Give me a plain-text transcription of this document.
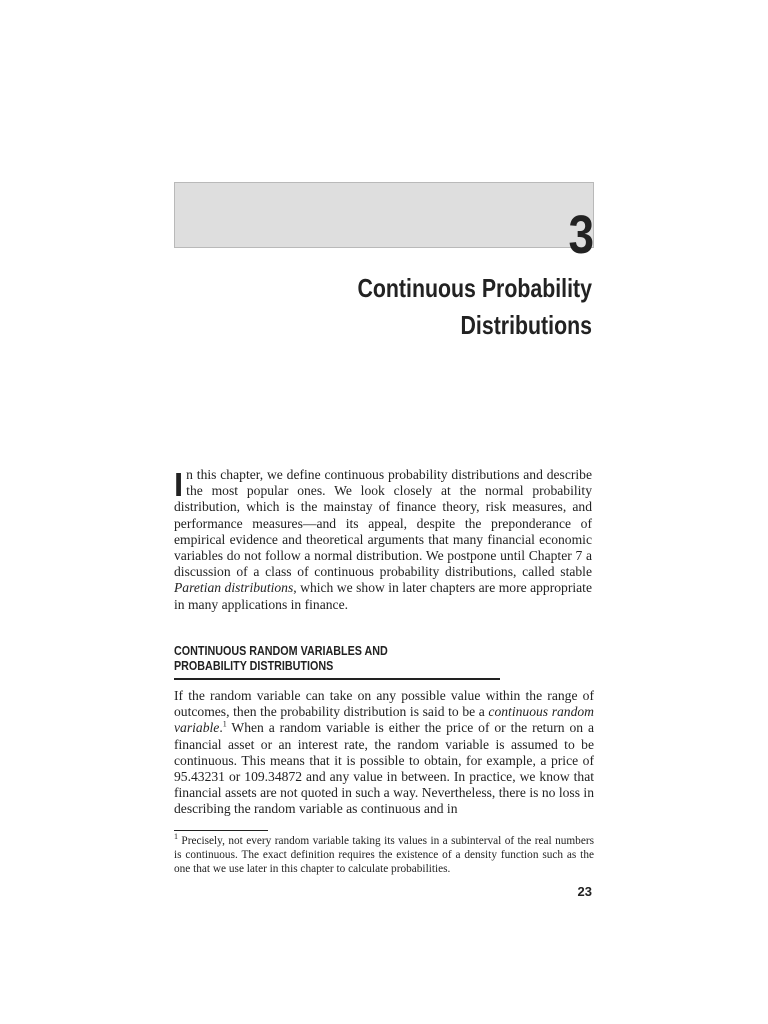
CHAPTER
3
Continuous Probability
Distributions

In this chapter, we define continuous probability distributions and describe the most popular ones. We look closely at the normal probability distribution, which is the mainstay of finance theory, risk measures, and performance measures—and its appeal, despite the preponderance of empirical evidence and theoretical arguments that many financial economic variables do not follow a normal distribution. We postpone until Chapter 7 a discussion of a class of continuous probability distributions, called stable Paretian distributions, which we show in later chapters are more appropriate in many applications in finance.

CONTINUOUS RANDOM VARIABLES AND
PROBABILITY DISTRIBUTIONS

If the random variable can take on any possible value within the range of outcomes, then the probability distribution is said to be a continuous random variable.$^1$ When a random variable is either the price of or the return on a financial asset or an interest rate, the random variable is assumed to be continuous. This means that it is possible to obtain, for example, a price of 95.43231 or 109.34872 and any value in between. In practice, we know that financial assets are not quoted in such a way. Nevertheless, there is no loss in describing the random variable as continuous and in

$^1$ Precisely, not every random variable taking its values in a subinterval of the real numbers is continuous. The exact definition requires the existence of a density function such as the one that we use later in this chapter to calculate probabilities.

23
